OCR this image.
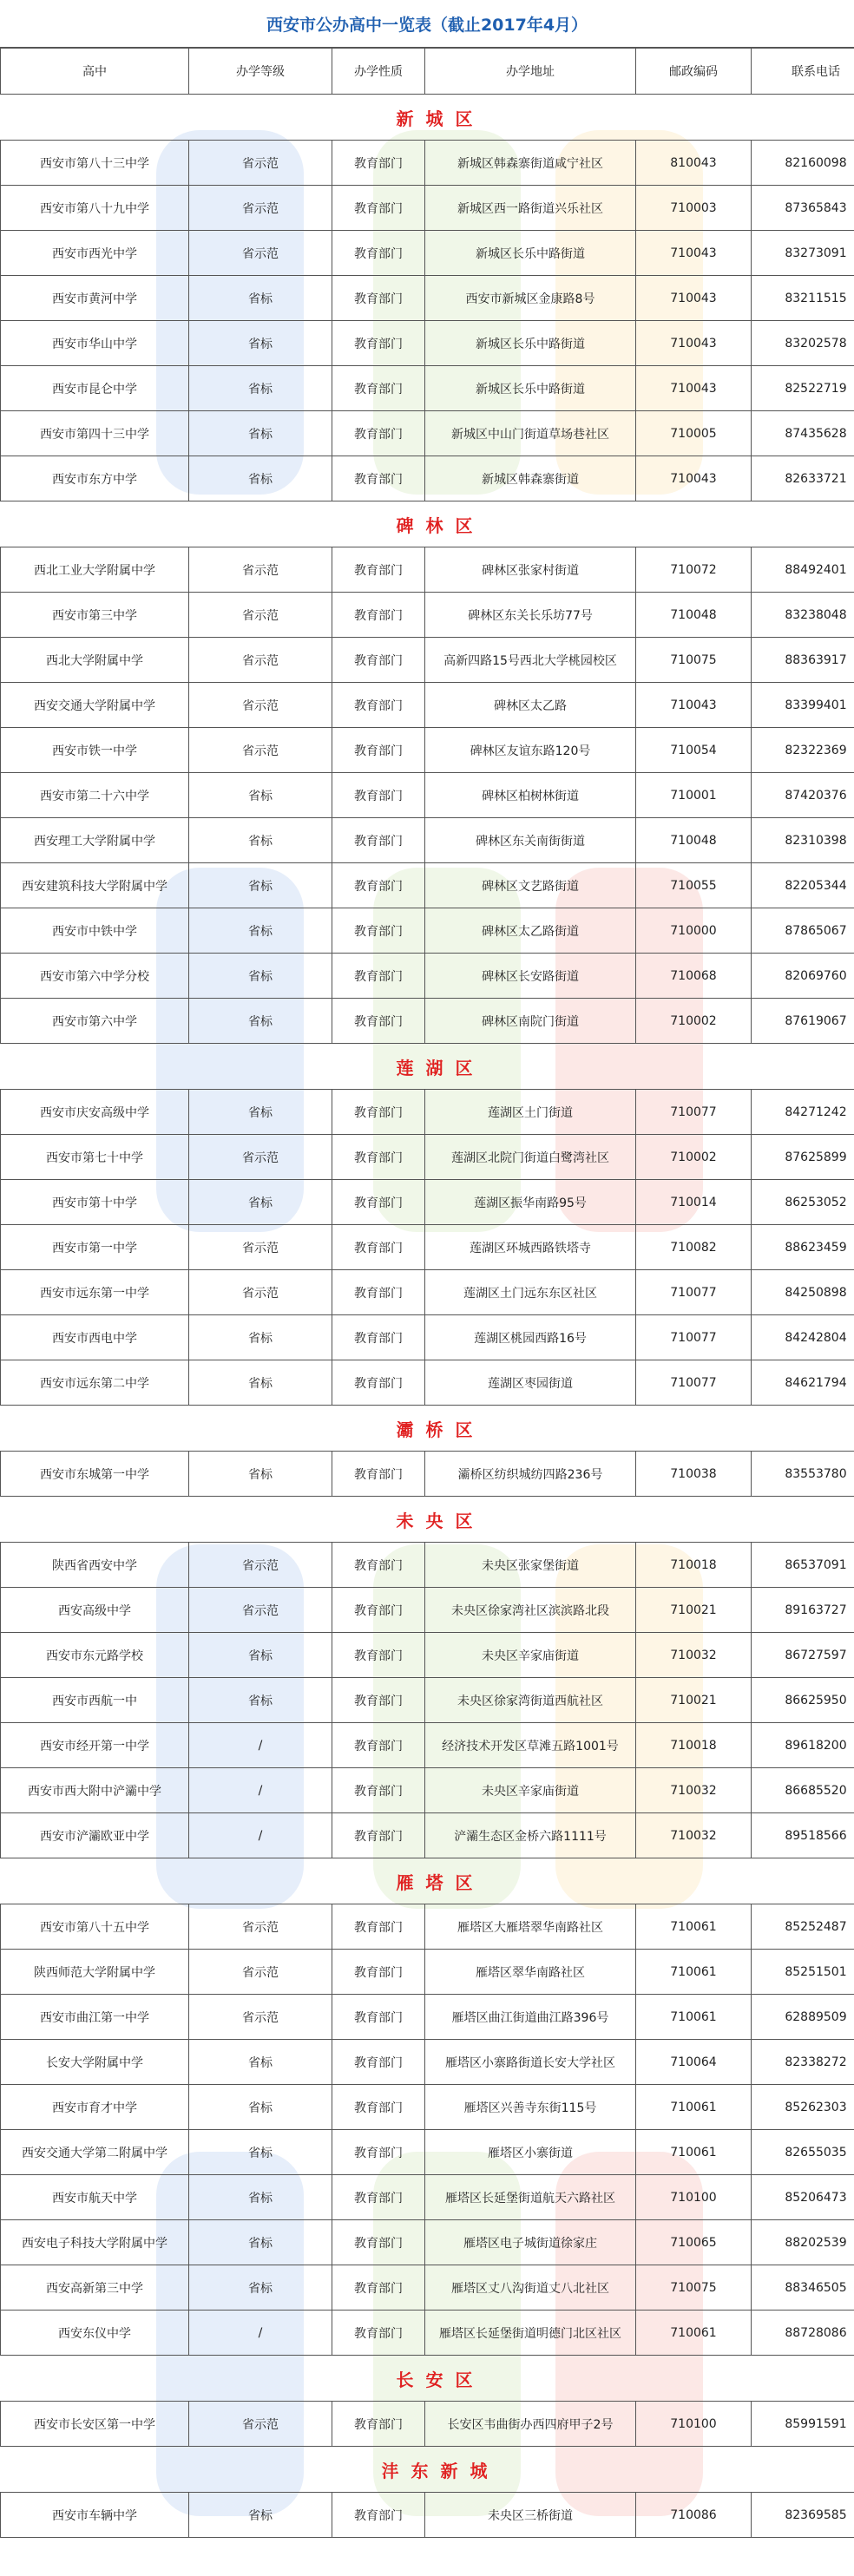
西安市公办高中一览表（截止2017年4月）
高中	办学等级	办学性质	办学地址	邮政编码	联系电话
新城区					
西安市第八十三中学	省示范	教育部门	新城区韩森寨街道咸宁社区	810043	82160098
西安市第八十九中学	省示范	教育部门	新城区西一路街道兴乐社区	710003	87365843
西安市西光中学	省示范	教育部门	新城区长乐中路街道	710043	83273091
西安市黄河中学	省标	教育部门	西安市新城区金康路8号	710043	83211515
西安市华山中学	省标	教育部门	新城区长乐中路街道	710043	83202578
西安市昆仑中学	省标	教育部门	新城区长乐中路街道	710043	82522719
西安市第四十三中学	省标	教育部门	新城区中山门街道草场巷社区	710005	87435628
西安市东方中学	省标	教育部门	新城区韩森寨街道	710043	82633721
碑林区					
西北工业大学附属中学	省示范	教育部门	碑林区张家村街道	710072	88492401
西安市第三中学	省示范	教育部门	碑林区东关长乐坊77号	710048	83238048
西北大学附属中学	省示范	教育部门	高新四路15号西北大学桃园校区	710075	88363917
西安交通大学附属中学	省示范	教育部门	碑林区太乙路	710043	83399401
西安市铁一中学	省示范	教育部门	碑林区友谊东路120号	710054	82322369
西安市第二十六中学	省标	教育部门	碑林区柏树林街道	710001	87420376
西安理工大学附属中学	省标	教育部门	碑林区东关南街街道	710048	82310398
西安建筑科技大学附属中学	省标	教育部门	碑林区文艺路街道	710055	82205344
西安市中铁中学	省标	教育部门	碑林区太乙路街道	710000	87865067
西安市第六中学分校	省标	教育部门	碑林区长安路街道	710068	82069760
西安市第六中学	省标	教育部门	碑林区南院门街道	710002	87619067
莲湖区					
西安市庆安高级中学	省标	教育部门	莲湖区土门街道	710077	84271242
西安市第七十中学	省示范	教育部门	莲湖区北院门街道白鹭湾社区	710002	87625899
西安市第十中学	省标	教育部门	莲湖区振华南路95号	710014	86253052
西安市第一中学	省示范	教育部门	莲湖区环城西路铁塔寺	710082	88623459
西安市远东第一中学	省示范	教育部门	莲湖区土门远东东区社区	710077	84250898
西安市西电中学	省标	教育部门	莲湖区桃园西路16号	710077	84242804
西安市远东第二中学	省标	教育部门	莲湖区枣园街道	710077	84621794
灞桥区					
西安市东城第一中学	省标	教育部门	灞桥区纺织城纺四路236号	710038	83553780
未央区					
陕西省西安中学	省示范	教育部门	未央区张家堡街道	710018	86537091
西安高级中学	省示范	教育部门	未央区徐家湾社区滨滨路北段	710021	89163727
西安市东元路学校	省标	教育部门	未央区辛家庙街道	710032	86727597
西安市西航一中	省标	教育部门	未央区徐家湾街道西航社区	710021	86625950
西安市经开第一中学	/	教育部门	经济技术开发区草滩五路1001号	710018	89618200
西安市西大附中浐灞中学	/	教育部门	未央区辛家庙街道	710032	86685520
西安市浐灞欧亚中学	/	教育部门	浐灞生态区金桥六路1111号	710032	89518566
雁塔区					
西安市第八十五中学	省示范	教育部门	雁塔区大雁塔翠华南路社区	710061	85252487
陕西师范大学附属中学	省示范	教育部门	雁塔区翠华南路社区	710061	85251501
西安市曲江第一中学	省示范	教育部门	雁塔区曲江街道曲江路396号	710061	62889509
长安大学附属中学	省标	教育部门	雁塔区小寨路街道长安大学社区	710064	82338272
西安市育才中学	省标	教育部门	雁塔区兴善寺东街115号	710061	85262303
西安交通大学第二附属中学	省标	教育部门	雁塔区小寨街道	710061	82655035
西安市航天中学	省标	教育部门	雁塔区长延堡街道航天六路社区	710100	85206473
西安电子科技大学附属中学	省标	教育部门	雁塔区电子城街道徐家庄	710065	88202539
西安高新第三中学	省标	教育部门	雁塔区丈八沟街道丈八北社区	710075	88346505
西安东仪中学	/	教育部门	雁塔区长延堡街道明德门北区社区	710061	88728086
长安区					
西安市长安区第一中学	省示范	教育部门	长安区韦曲街办西四府甲子2号	710100	85991591
沣东新城					
西安市车辆中学	省标	教育部门	未央区三桥街道	710086	82369585
